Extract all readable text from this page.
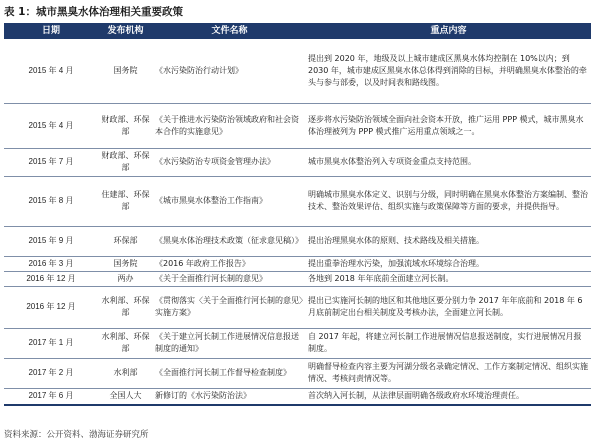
表 1：城市黑臭水体治理相关重要政策
日期	发布机构	文件名称	重点内容
2015 年 4 月	国务院	《水污染防治行动计划》	提出到 2020 年，地级及以上城市建成区黑臭水体均控制在 10%以内；到 2030 年，城市建成区黑臭水体总体得到消除的目标，并明确黑臭水体整治的牵头与参与部委，以及时间表和路线图。
2015 年 4 月	财政部、环保部	《关于推进水污染防治领域政府和社会资本合作的实施意见》	逐步将水污染防治领域全面向社会资本开放，推广运用 PPP 模式，城市黑臭水体治理被列为 PPP 模式推广运用重点领域之一。
2015 年 7 月	财政部、环保部	《水污染防治专项资金管理办法》	城市黑臭水体整治列入专项资金重点支持范围。
2015 年 8 月	住建部、环保部	《城市黑臭水体整治工作指南》	明确城市黑臭水体定义、识别与分级，同时明确在黑臭水体整治方案编制、整治技术、整治效果评估、组织实施与政策保障等方面的要求，并提供指导。
2015 年 9 月	环保部	《黑臭水体治理技术政策（征求意见稿）》	提出治理黑臭水体的原则、技术路线及相关措施。
2016 年 3 月	国务院	《2016 年政府工作报告》	提出重拳治理水污染，加强流域水环境综合治理。
2016 年 12 月	两办	《关于全面推行河长制的意见》	各地到 2018 年年底前全面建立河长制。
2016 年 12 月	水利部、环保部	《贯彻落实〈关于全面推行河长制的意见〉实施方案》	提出已实施河长制的地区和其他地区要分别力争 2017 年年底前和 2018 年 6 月底前制定出台相关制度及考核办法，全面建立河长制。
2017 年 1 月	水利部、环保部	《关于建立河长制工作进展情况信息报送制度的通知》	自 2017 年起，将建立河长制工作进展情况信息报送制度，实行进展情况月报制度。
2017 年 2 月	水利部	《全面推行河长制工作督导检查制度》	明确督导检查内容主要为河湖分级名录确定情况、工作方案制定情况、组织实施情况、考核问责情况等。
2017 年 6 月	全国人大	新修订的《水污染防治法》	首次纳入河长制，从法律层面明确各级政府水环境治理责任。
资料来源：公开资料、渤海证券研究所
